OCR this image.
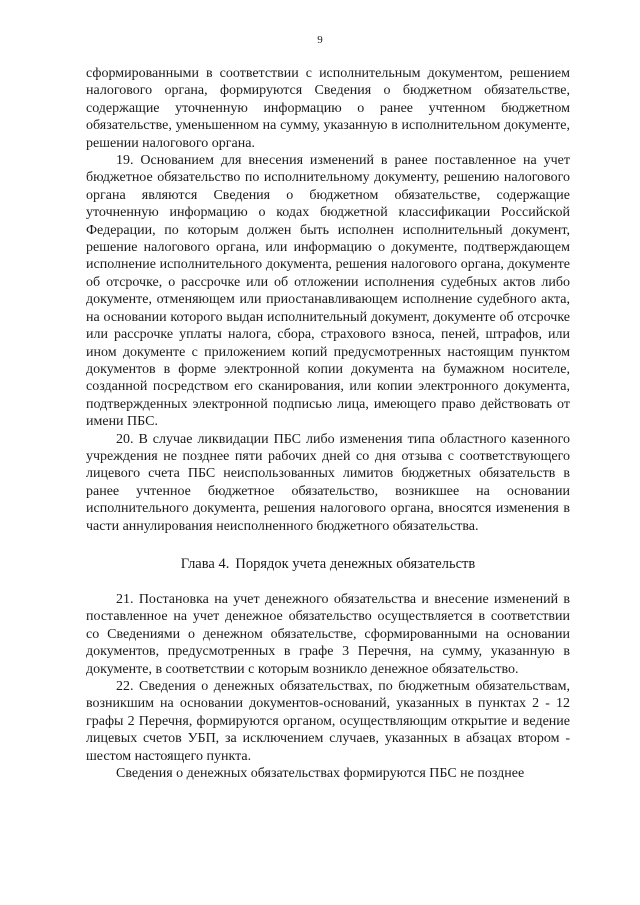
9

сформированными в соответствии с исполнительным документом, решением налогового органа, формируются Сведения о бюджетном обязательстве, содержащие уточненную информацию о ранее учтенном бюджетном обязательстве, уменьшенном на сумму, указанную в исполнительном документе, решении налогового органа.

19. Основанием для внесения изменений в ранее поставленное на учет бюджетное обязательство по исполнительному документу, решению налогового органа являются Сведения о бюджетном обязательстве, содержащие уточненную информацию о кодах бюджетной классификации Российской Федерации, по которым должен быть исполнен исполнительный документ, решение налогового органа, или информацию о документе, подтверждающем исполнение исполнительного документа, решения налогового органа, документе об отсрочке, о рассрочке или об отложении исполнения судебных актов либо документе, отменяющем или приостанавливающем исполнение судебного акта, на основании которого выдан исполнительный документ, документе об отсрочке или рассрочке уплаты налога, сбора, страхового взноса, пеней, штрафов, или ином документе с приложением копий предусмотренных настоящим пунктом документов в форме электронной копии документа на бумажном носителе, созданной посредством его сканирования, или копии электронного документа, подтвержденных электронной подписью лица, имеющего право действовать от имени ПБС.

20. В случае ликвидации ПБС либо изменения типа областного казенного учреждения не позднее пяти рабочих дней со дня отзыва с соответствующего лицевого счета ПБС неиспользованных лимитов бюджетных обязательств в ранее учтенное бюджетное обязательство, возникшее на основании исполнительного документа, решения налогового органа, вносятся изменения в части аннулирования неисполненного бюджетного обязательства.

Глава 4. Порядок учета денежных обязательств

21. Постановка на учет денежного обязательства и внесение изменений в поставленное на учет денежное обязательство осуществляется в соответствии со Сведениями о денежном обязательстве, сформированными на основании документов, предусмотренных в графе 3 Перечня, на сумму, указанную в документе, в соответствии с которым возникло денежное обязательство.

22. Сведения о денежных обязательствах, по бюджетным обязательствам, возникшим на основании документов-оснований, указанных в пунктах 2 - 12 графы 2 Перечня, формируются органом, осуществляющим открытие и ведение лицевых счетов УБП, за исключением случаев, указанных в абзацах втором - шестом настоящего пункта.

Сведения о денежных обязательствах формируются ПБС не позднее
